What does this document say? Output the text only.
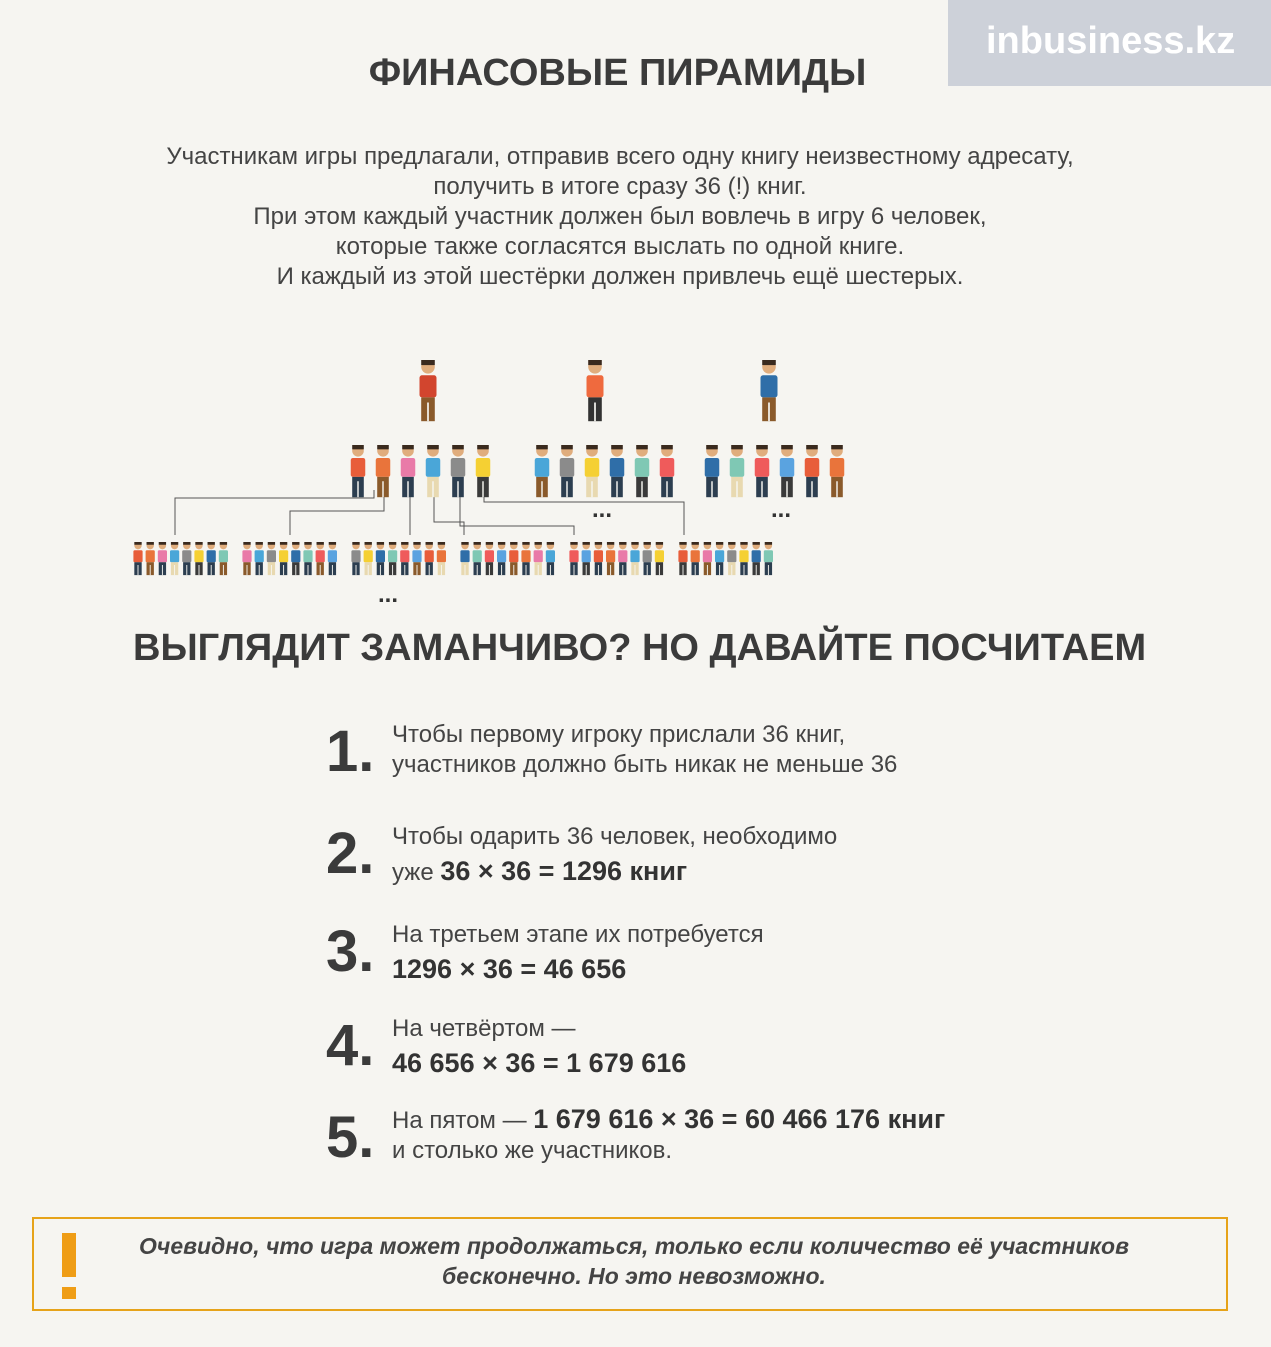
inbusiness.kz
ФИНАСОВЫЕ ПИРАМИДЫ
Участникам игры предлагали, отправив всего одну книгу неизвестному адресату,
получить в итоге сразу 36 (!) книг.
При этом каждый участник должен был вовлечь в игру 6 человек,
которые также согласятся выслать по одной книге.
И каждый из этой шестёрки должен привлечь ещё шестерых.
...	...
...
ВЫГЛЯДИТ ЗАМАНЧИВО? НО ДАВАЙТЕ ПОСЧИТАЕМ
1. Чтобы первому игроку прислали 36 книг,
участников должно быть никак не меньше 36
2. Чтобы одарить 36 человек, необходимо
уже 36 × 36 = 1296 книг
3. На третьем этапе их потребуется
1296 × 36 = 46 656
4. На четвёртом —
46 656 × 36 = 1 679 616
5. На пятом — 1 679 616 × 36 = 60 466 176 книг
и столько же участников.
Очевидно, что игра может продолжаться, только если количество её участников
бесконечно. Но это невозможно.
